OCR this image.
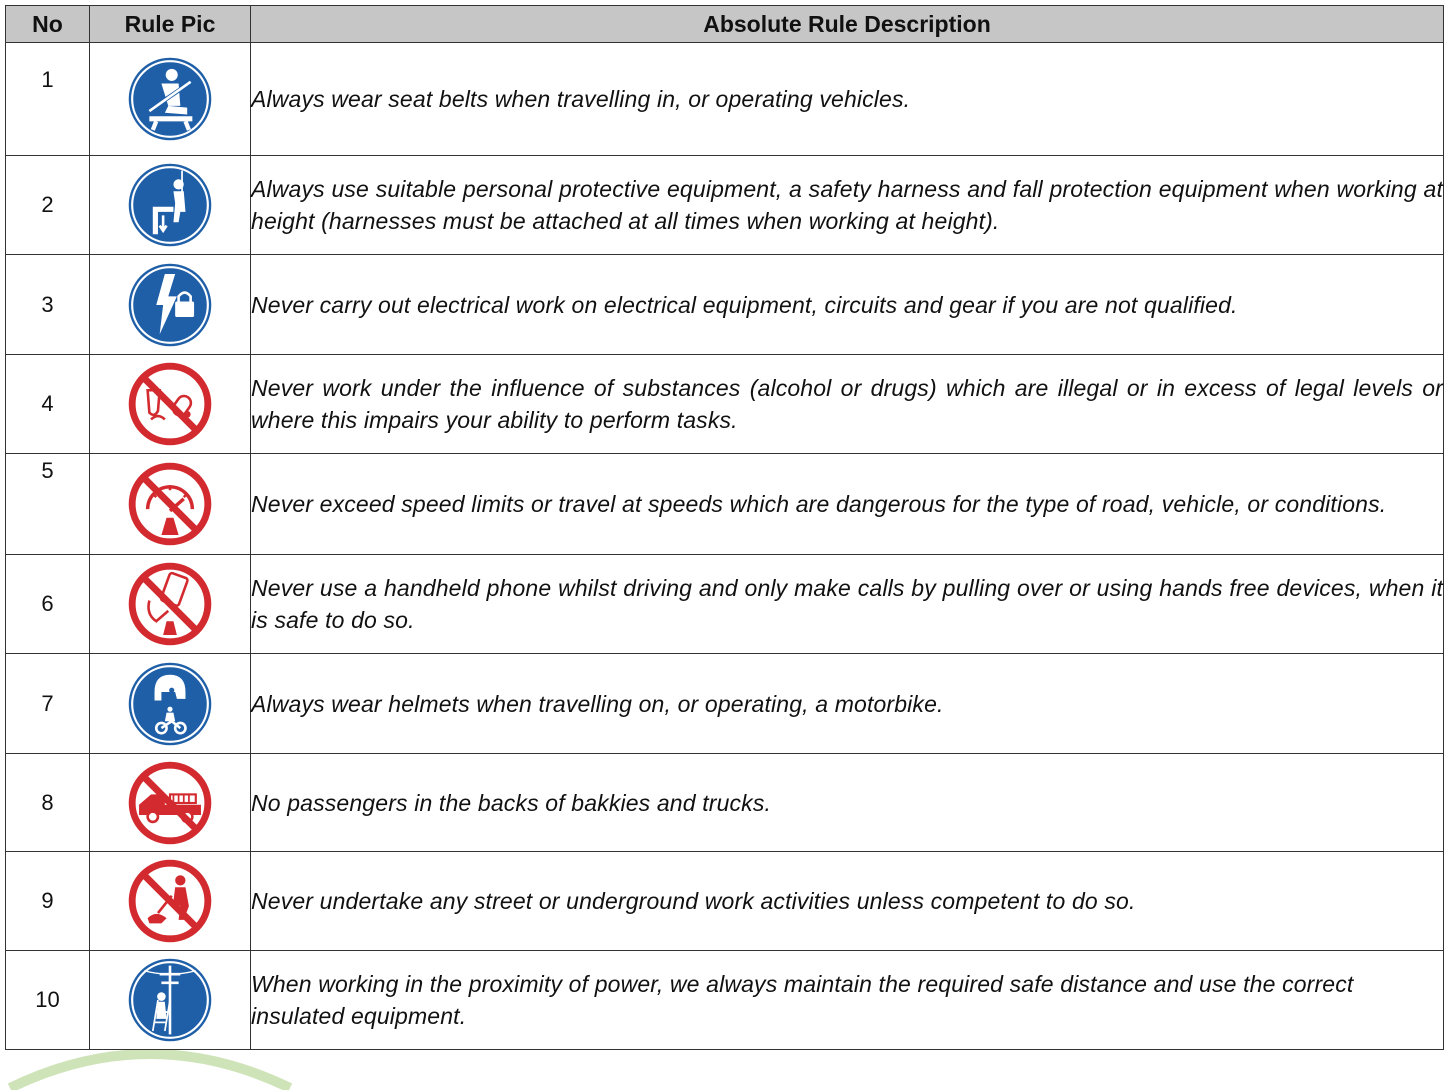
No	Rule Pic	Absolute Rule Description
1		Always wear seat belts when travelling in, or operating vehicles.

2		Always use suitable personal protective equipment, a safety harness and fall protection equipment when working at height (harnesses must be attached at all times when working at height).

3		Never carry out electrical work on electrical equipment, circuits and gear if you are not qualified.

4		Never work under the influence of substances (alcohol or drugs) which are illegal or in excess of legal levels or where this impairs your ability to perform tasks.

5		Never exceed speed limits or travel at speeds which are dangerous for the type of road, vehicle, or conditions.

6		Never use a handheld phone whilst driving and only make calls by pulling over or using hands free devices, when it is safe to do so.

7		Always wear helmets when travelling on, or operating, a motorbike.

8		No passengers in the backs of bakkies and trucks.

9		Never undertake any street or underground work activities unless competent to do so.

10		When working in the proximity of power, we always maintain the required safe distance and use the correct insulated equipment.
